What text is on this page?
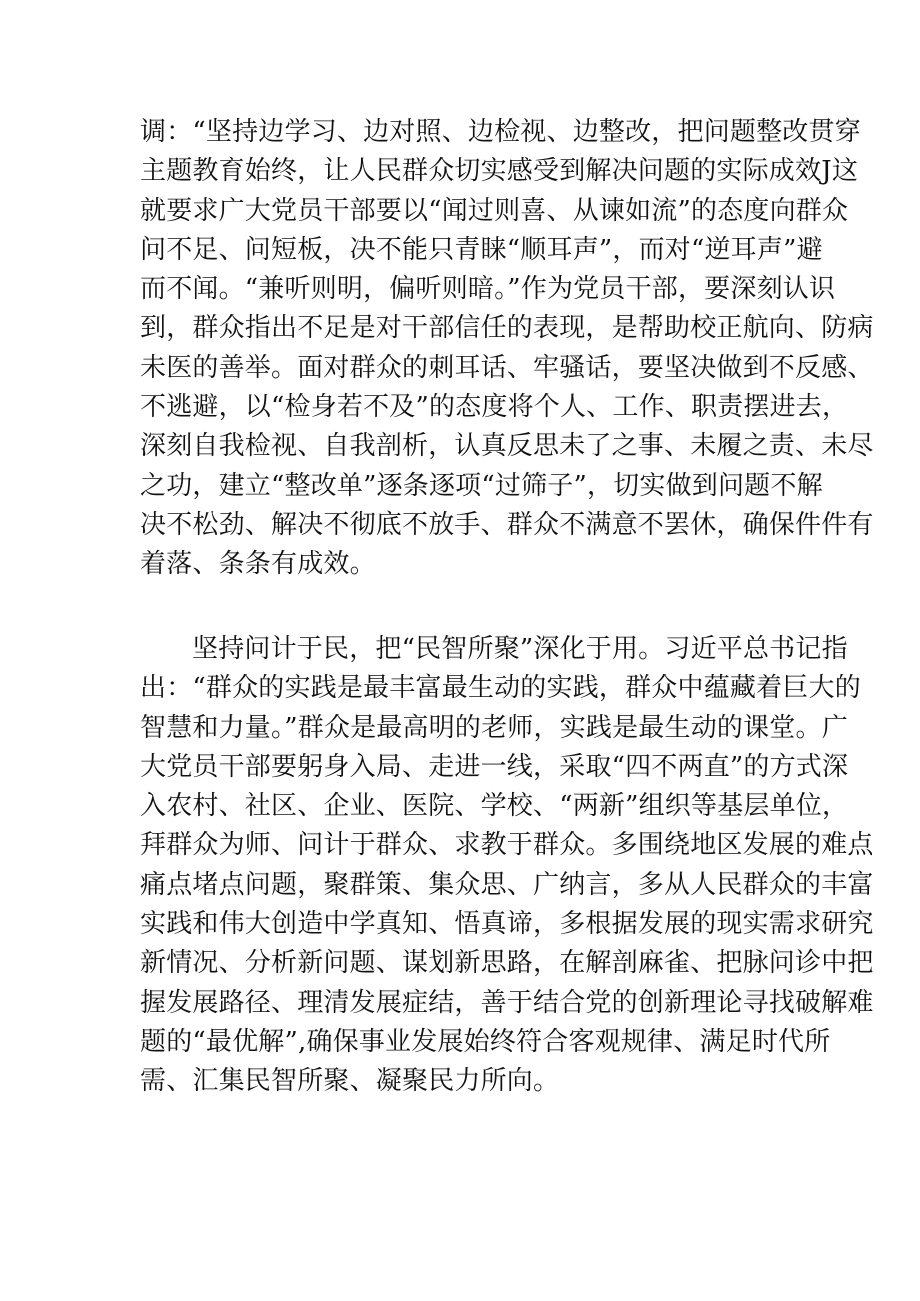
调：“坚持边学习、边对照、边检视、边整改，把问题整改贯穿
主题教育始终，让人民群众切实感受到解决问题的实际成效J这
就要求广大党员干部要以“闻过则喜、从谏如流”的态度向群众
问不足、问短板，决不能只青睐“顺耳声”，而对“逆耳声”避
而不闻。“兼听则明，偏听则暗。”作为党员干部，要深刻认识
到，群众指出不足是对干部信任的表现，是帮助校正航向、防病
未医的善举。面对群众的刺耳话、牢骚话，要坚决做到不反感、
不逃避，以“检身若不及”的态度将个人、工作、职责摆进去，
深刻自我检视、自我剖析，认真反思未了之事、未履之责、未尽
之功，建立“整改单”逐条逐项“过筛子”，切实做到问题不解
决不松劲、解决不彻底不放手、群众不满意不罢休，确保件件有
着落、条条有成效。
坚持问计于民，把“民智所聚”深化于用。习近平总书记指
出：“群众的实践是最丰富最生动的实践，群众中蕴藏着巨大的
智慧和力量。”群众是最高明的老师，实践是最生动的课堂。广
大党员干部要躬身入局、走进一线，采取“四不两直”的方式深
入农村、社区、企业、医院、学校、“两新”组织等基层单位，
拜群众为师、问计于群众、求教于群众。多围绕地区发展的难点
痛点堵点问题，聚群策、集众思、广纳言，多从人民群众的丰富
实践和伟大创造中学真知、悟真谛，多根据发展的现实需求研究
新情况、分析新问题、谋划新思路，在解剖麻雀、把脉问诊中把
握发展路径、理清发展症结，善于结合党的创新理论寻找破解难
题的“最优解”,确保事业发展始终符合客观规律、满足时代所
需、汇集民智所聚、凝聚民力所向。
